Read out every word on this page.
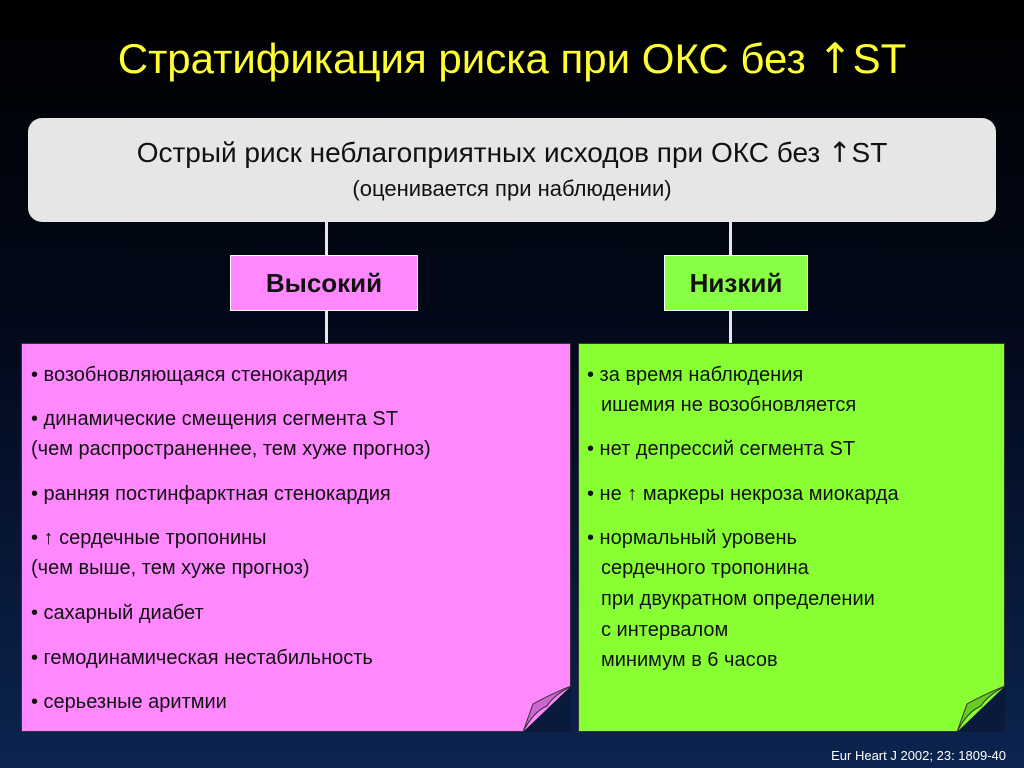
Стратификация риска при ОКС без ↑ST
Острый риск неблагоприятных исходов при ОКС без ↑ST
(оценивается при наблюдении)
Высокий	Низкий
• возобновляющаяся стенокардия
• динамические смещения сегмента ST
(чем распространеннее, тем хуже прогноз)
• ранняя постинфарктная стенокардия
• ↑ сердечные тропонины
(чем выше, тем хуже прогноз)
• сахарный диабет
• гемодинамическая нестабильность
• серьезные аритмии
• за время наблюдения
ишемия не возобновляется
• нет депрессий сегмента ST
• не ↑ маркеры некроза миокарда
• нормальный уровень
сердечного тропонина
при двукратном определении
с интервалом
минимум в 6 часов
Eur Heart J 2002; 23: 1809-40
